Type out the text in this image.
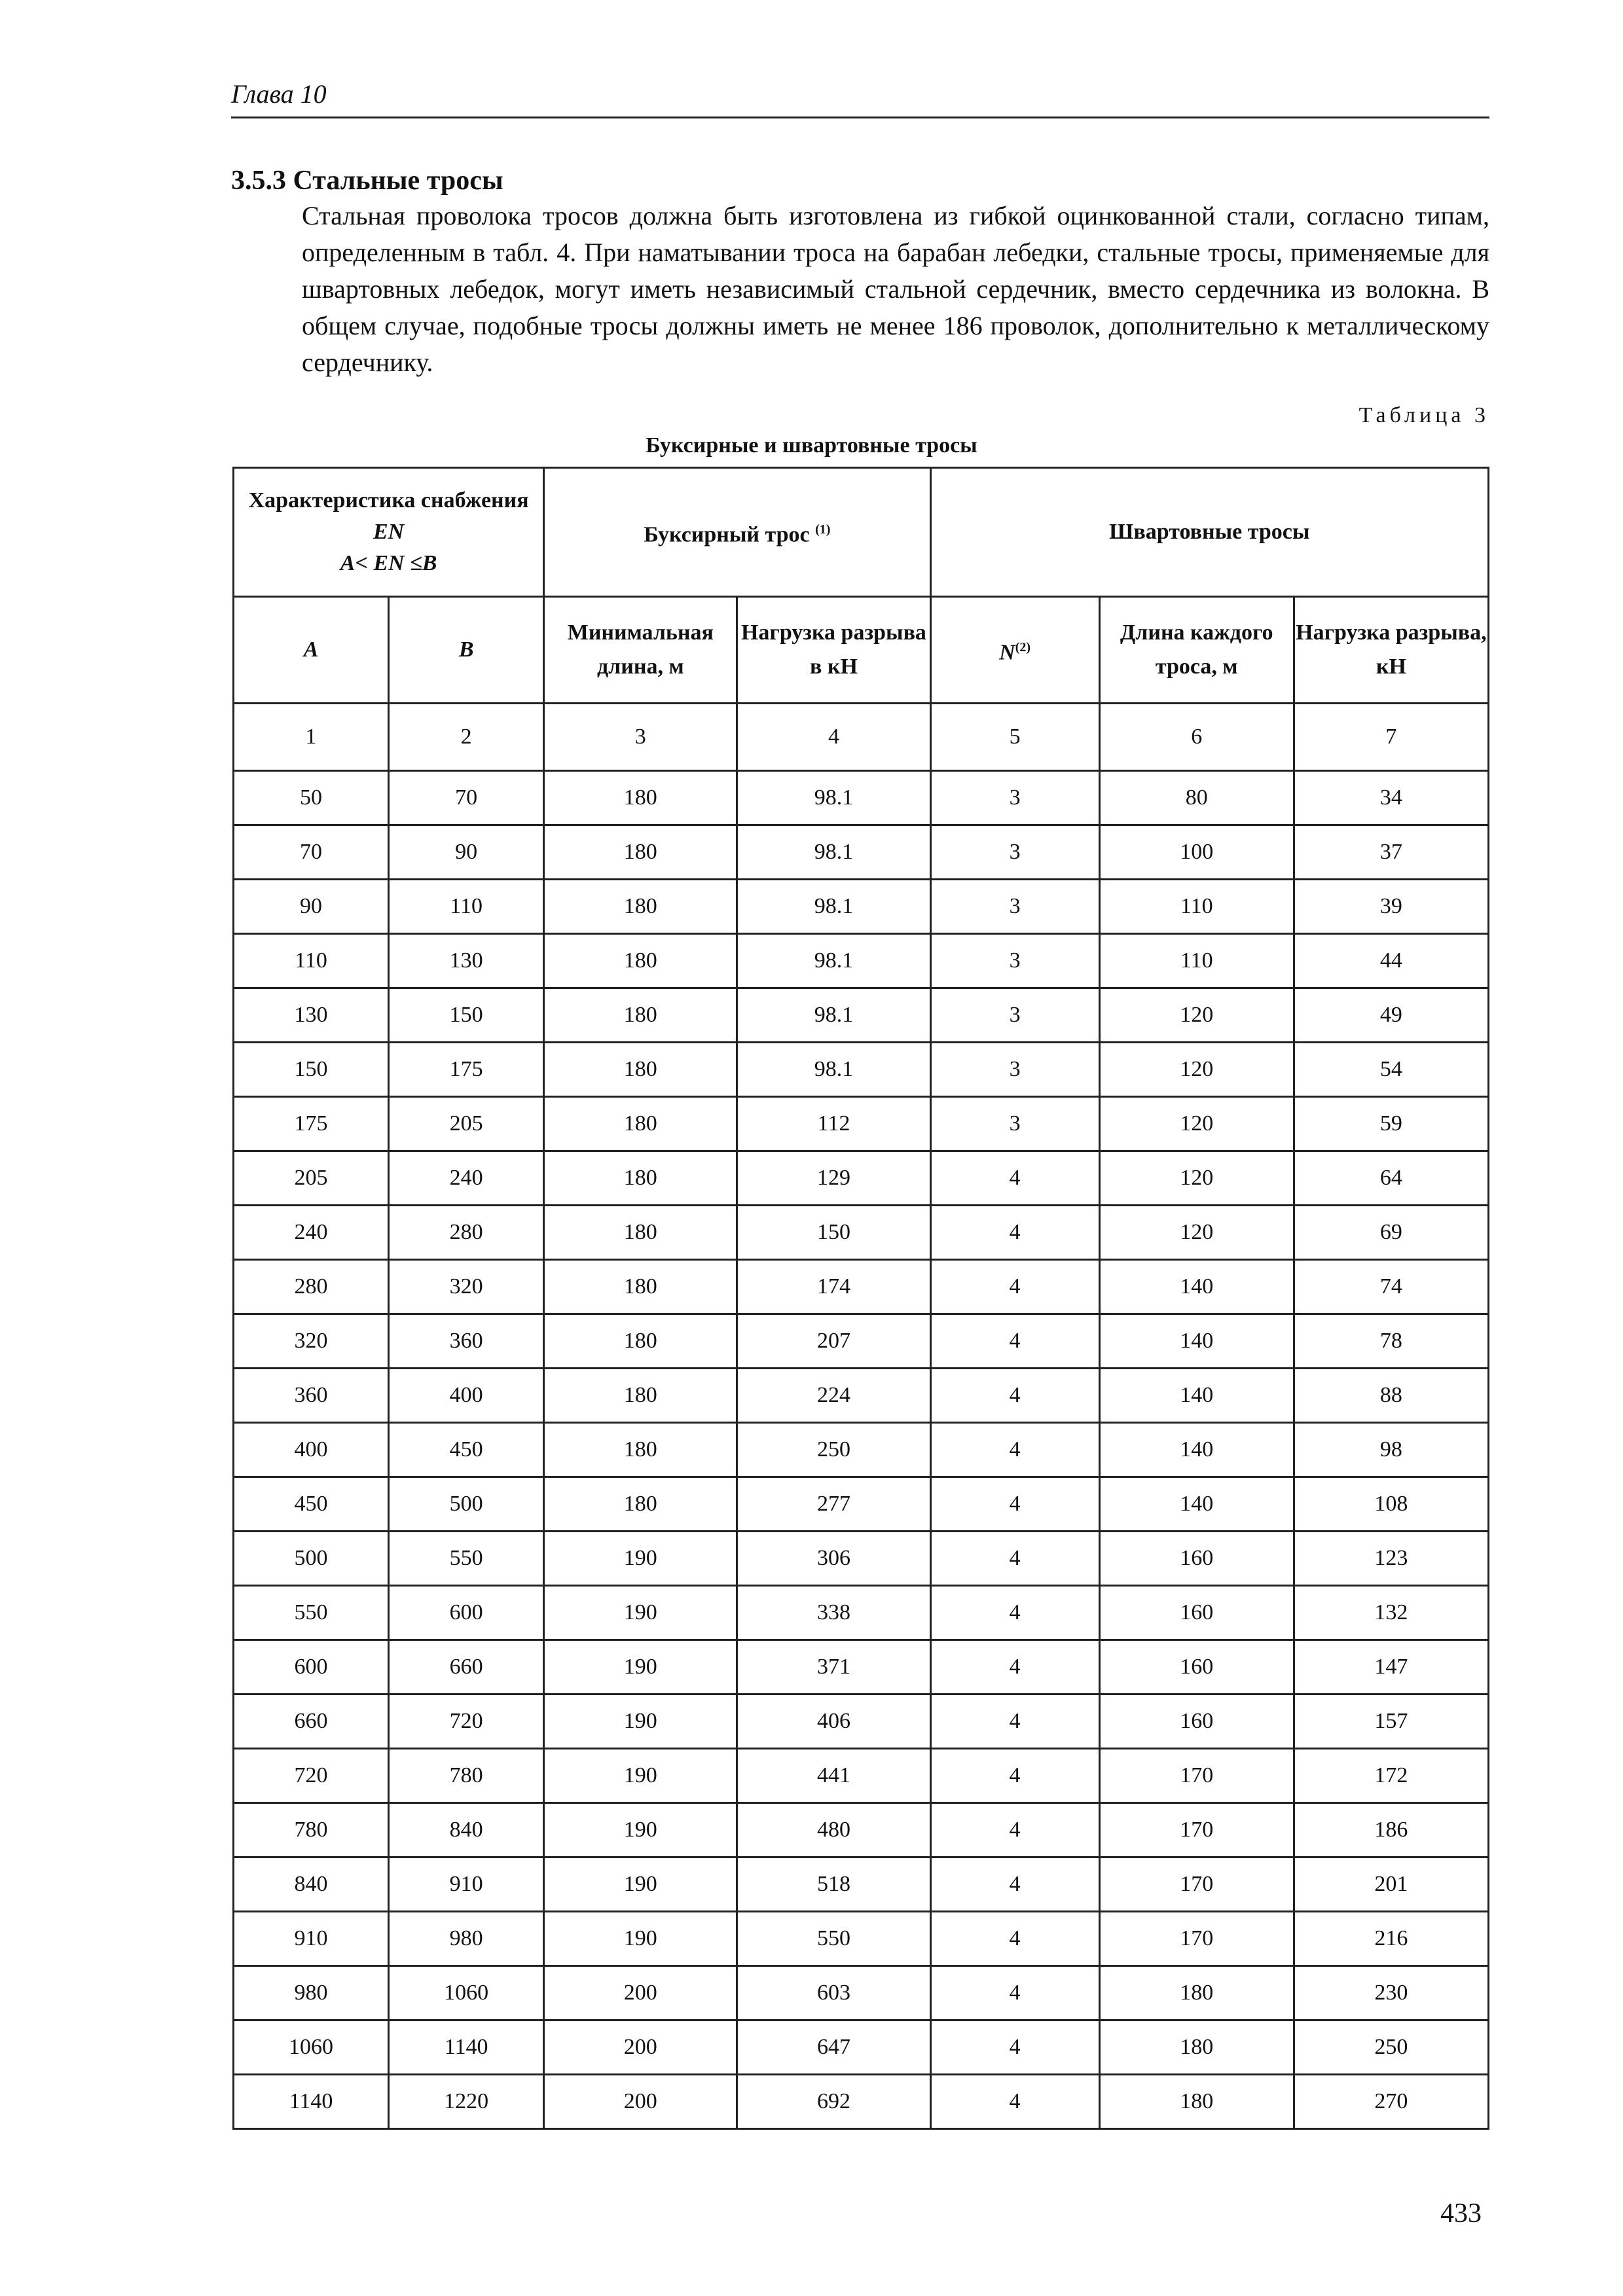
Глава 10
3.5.3 Стальные тросы
Стальная проволока тросов должна быть изготовлена из гибкой оцинкованной стали, согласно типам, определенным в табл. 4. При наматывании троса на барабан лебедки, стальные тросы, применяемые для швартовных лебедок, могут иметь независимый стальной сердечник, вместо сердечника из волокна. В общем случае, подобные тросы должны иметь не менее 186 проволок, дополнительно к металлическому сердечнику.
Таблица 3
Буксирные и швартовные тросы
Характеристика снабжения
EN
A< EN ≤B		Буксирный трос $^{(1)}$		Швартовные тросы		
A	B	Минимальная длина, м	Нагрузка разрыва в кН	$N^{(2)}$	Длина каждого троса, м	Нагрузка разрыва, кН
1	2	3	4	5	6	7
50	70	180	98.1	3	80	34
70	90	180	98.1	3	100	37
90	110	180	98.1	3	110	39
110	130	180	98.1	3	110	44
130	150	180	98.1	3	120	49
150	175	180	98.1	3	120	54
175	205	180	112	3	120	59
205	240	180	129	4	120	64
240	280	180	150	4	120	69
280	320	180	174	4	140	74
320	360	180	207	4	140	78
360	400	180	224	4	140	88
400	450	180	250	4	140	98
450	500	180	277	4	140	108
500	550	190	306	4	160	123
550	600	190	338	4	160	132
600	660	190	371	4	160	147
660	720	190	406	4	160	157
720	780	190	441	4	170	172
780	840	190	480	4	170	186
840	910	190	518	4	170	201
910	980	190	550	4	170	216
980	1060	200	603	4	180	230
1060	1140	200	647	4	180	250
1140	1220	200	692	4	180	270
433
